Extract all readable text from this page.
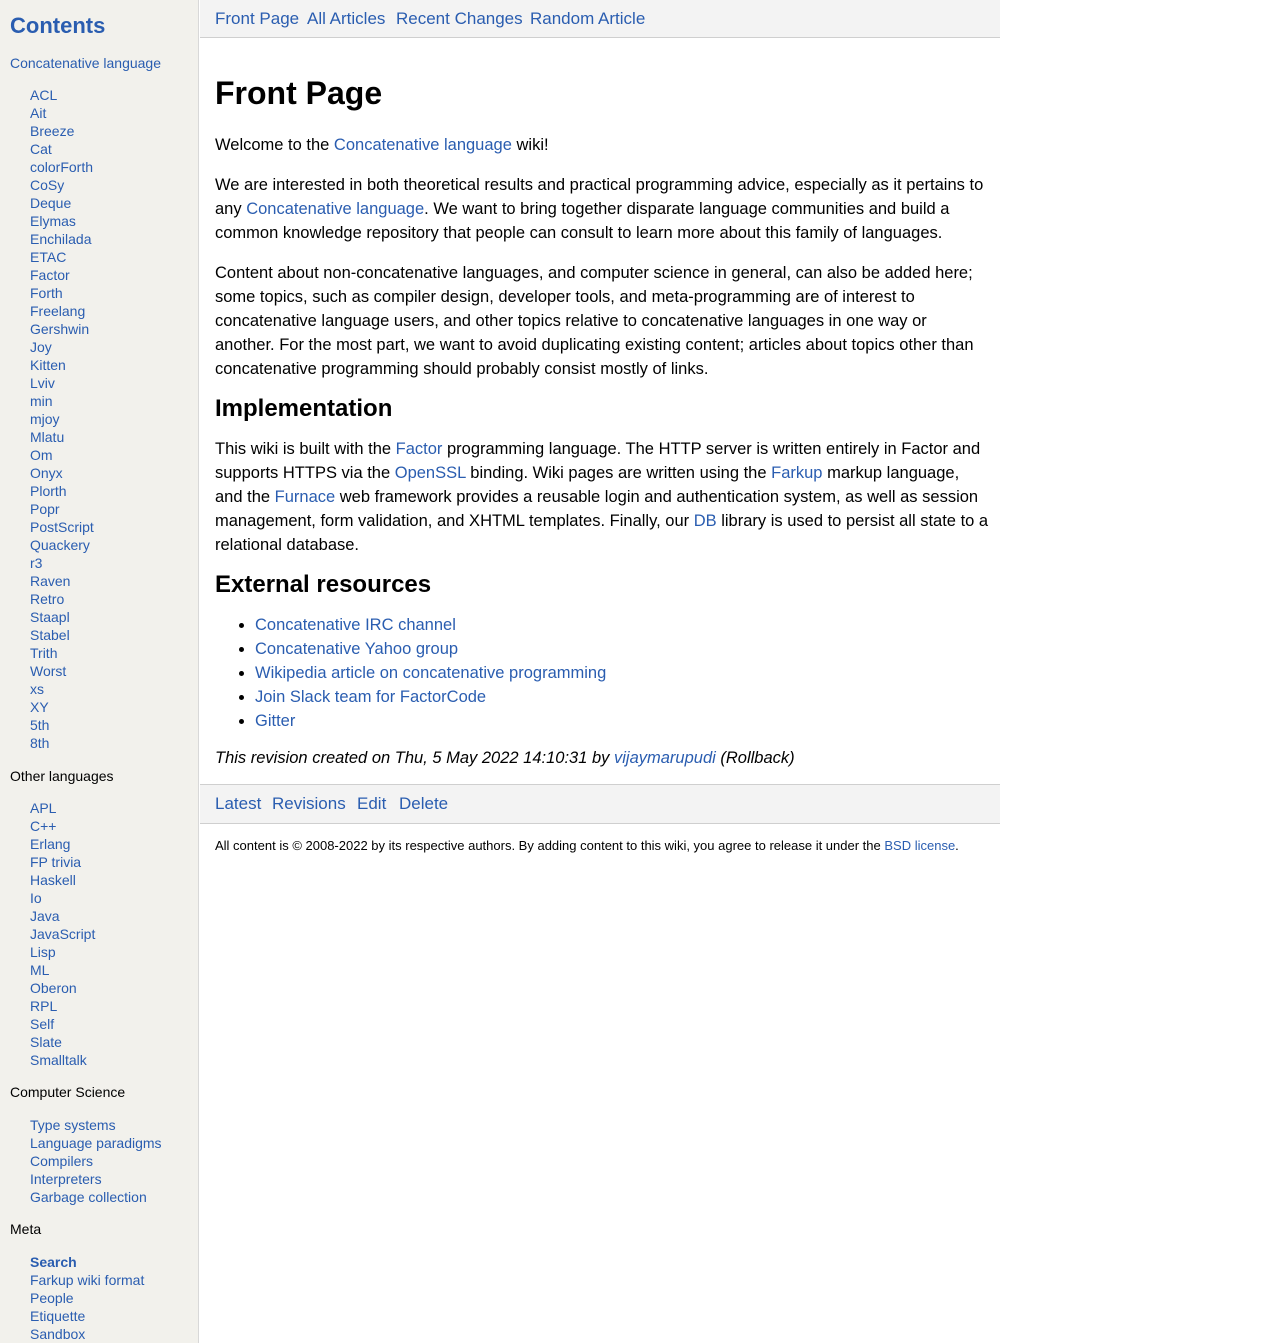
Contents
Concatenative language
ACL
Ait
Breeze
Cat
colorForth
CoSy
Deque
Elymas
Enchilada
ETAC
Factor
Forth
Freelang
Gershwin
Joy
Kitten
Lviv
min
mjoy
Mlatu
Om
Onyx
Plorth
Popr
PostScript
Quackery
r3
Raven
Retro
Staapl
Stabel
Trith
Worst
xs
XY
5th
8th
Other languages
APL
C++
Erlang
FP trivia
Haskell
Io
Java
JavaScript
Lisp
ML
Oberon
RPL
Self
Slate
Smalltalk
Computer Science
Type systems
Language paradigms
Compilers
Interpreters
Garbage collection
Meta
Search
Farkup wiki format
People
Etiquette
Sandbox
Front Page All Articles Recent Changes Random Article
Front Page

Welcome to the Concatenative language wiki!

We are interested in both theoretical results and practical programming advice, especially as it pertains to any Concatenative language. We want to bring together disparate language communities and build a common knowledge repository that people can consult to learn more about this family of languages.

Content about non-concatenative languages, and computer science in general, can also be added here; some topics, such as compiler design, developer tools, and meta-programming are of interest to concatenative language users, and other topics relative to concatenative languages in one way or another. For the most part, we want to avoid duplicating existing content; articles about topics other than concatenative programming should probably consist mostly of links.

Implementation

This wiki is built with the Factor programming language. The HTTP server is written entirely in Factor and supports HTTPS via the OpenSSL binding. Wiki pages are written using the Farkup markup language, and the Furnace web framework provides a reusable login and authentication system, as well as session management, form validation, and XHTML templates. Finally, our DB library is used to persist all state to a relational database.

External resources
• Concatenative IRC channel
• Concatenative Yahoo group
• Wikipedia article on concatenative programming
• Join Slack team for FactorCode
• Gitter
This revision created on Thu, 5 May 2022 14:10:31 by vijaymarupudi (Rollback)
Latest Revisions Edit Delete
All content is © 2008-2022 by its respective authors. By adding content to this wiki, you agree to release it under the BSD license.
